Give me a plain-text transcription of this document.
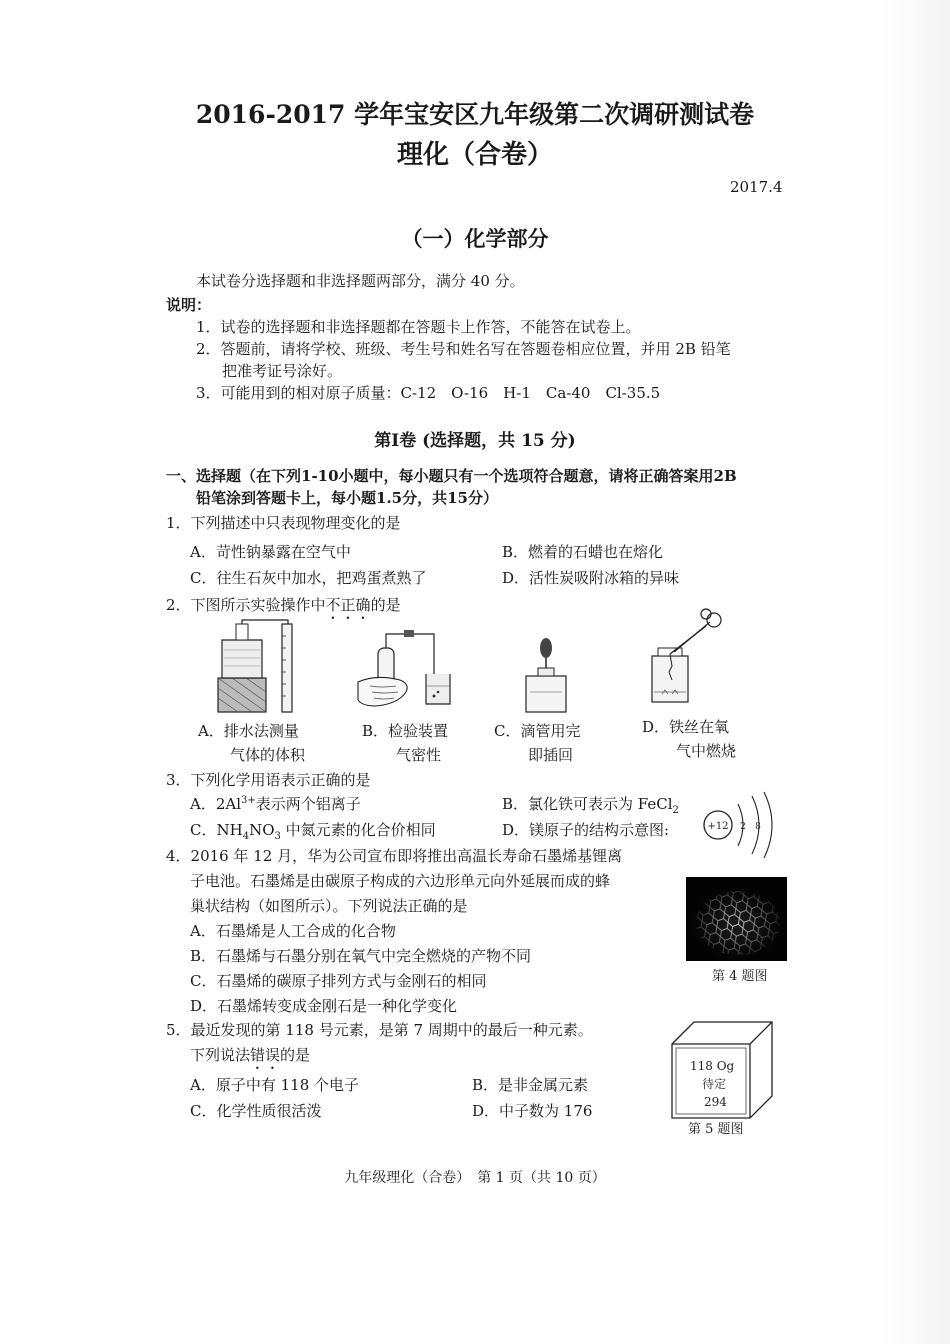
2016-2017 学年宝安区九年级第二次调研测试卷
理化（合卷）
2017.4
（一）化学部分
本试卷分选择题和非选择题两部分，满分 40 分。
说明：
1．试卷的选择题和非选择题都在答题卡上作答，不能答在试卷上。
2．答题前，请将学校、班级、考生号和姓名写在答题卷相应位置，并用 2B 铅笔
把准考证号涂好。
3．可能用到的相对原子质量：C-12　O-16　H-1　Ca-40　Cl-35.5
第Ⅰ卷 (选择题，共 15 分)
一、选择题（在下列1-10小题中，每小题只有一个选项符合题意，请将正确答案用2B
铅笔涂到答题卡上，每小题1.5分，共15分）
1．下列描述中只表现物理变化的是
A．苛性钠暴露在空气中	B．燃着的石蜡也在熔化
C．往生石灰中加水，把鸡蛋煮熟了	D．活性炭吸附冰箱的异味
2．下图所示实验操作中不正确的是
A．排水法测量
气体的体积
B．检验装置
气密性
C．滴管用完
即插回
D．铁丝在氧
气中燃烧
3．下列化学用语表示正确的是
A．$2Al^{3+}$表示两个铝离子	B．氯化铁可表示为 FeCl$_2$
C．$NH_4NO_3$ 中氮元素的化合价相同	D．镁原子的结构示意图:	+12 2 8
4．2016 年 12 月，华为公司宣布即将推出高温长寿命石墨烯基锂离
子电池。石墨烯是由碳原子构成的六边形单元向外延展而成的蜂
巢状结构（如图所示）。下列说法正确的是
A．石墨烯是人工合成的化合物
B．石墨烯与石墨分别在氧气中完全燃烧的产物不同
C．石墨烯的碳原子排列方式与金刚石的相同
D．石墨烯转变成金刚石是一种化学变化
第 4 题图
5．最近发现的第 118 号元素，是第 7 周期中的最后一种元素。
下列说法错误的是
A．原子中有 118 个电子	B．是非金属元素
C．化学性质很活泼	D．中子数为 176
118 Og
待定
294
第 5 题图
九年级理化（合卷）　第 1 页（共 10 页）
